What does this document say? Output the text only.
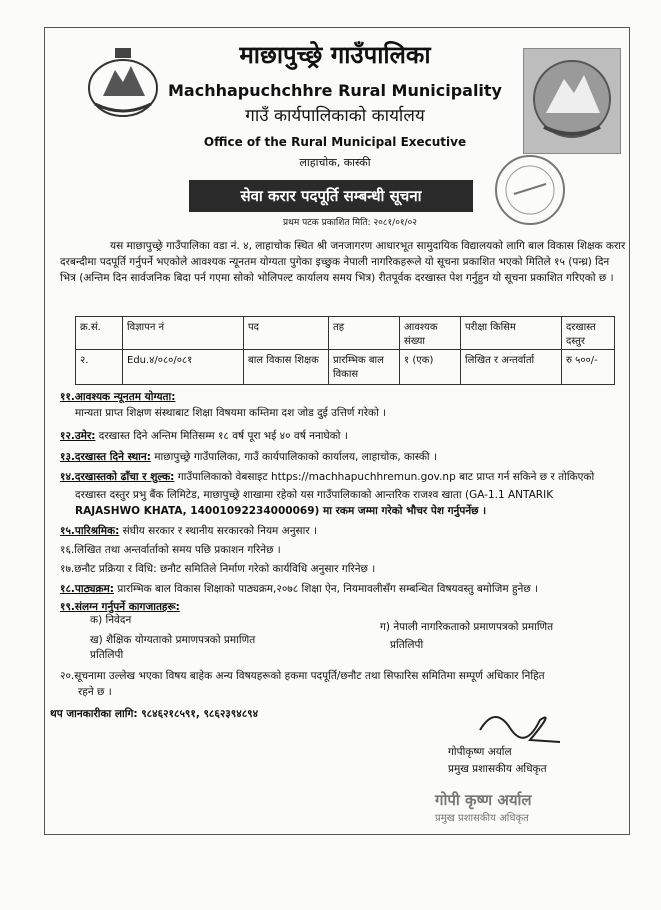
माछापुच्छ्रे गाउँपालिका
Machhapuchchhre Rural Municipality
गाउँ कार्यपालिकाको कार्यालय
Office of the Rural Municipal Executive
लाहाचोक, कास्की
सेवा करार पदपूर्ति सम्बन्धी सूचना
प्रथम पटक प्रकाशित मिति: २०८१/०१/०२
यस माछापुच्छ्रे गाउँपालिका वडा नं. ४, लाहाचोक स्थित श्री जनजागरण आधारभूत सामुदायिक विद्यालयको लागि बाल विकास शिक्षक करार दरबन्दीमा पदपूर्ति गर्नुपर्ने भएकोले आवश्यक न्यूनतम योग्यता पुगेका इच्छुक नेपाली नागरिकहरूले यो सूचना प्रकाशित भएको मितिले १५ (पन्ध्र) दिन भित्र (अन्तिम दिन सार्वजनिक बिदा पर्न गएमा सोको भोलिपल्ट कार्यालय समय भित्र) रीतपूर्वक दरखास्त पेश गर्नुहुन यो सूचना प्रकाशित गरिएको छ ।
क्र.सं.	विज्ञापन नं	पद	तह	आवश्यक संख्या	परीक्षा किसिम	दरखास्त दस्तुर
२.	Edu.४/०८०/०८१	बाल विकास शिक्षक	प्रारम्भिक बाल विकास	१ (एक)	लिखित र अन्तर्वार्ता	रु ५००/-
११.आवश्यक न्यूनतम योग्यता:
मान्यता प्राप्त शिक्षण संस्थाबाट शिक्षा विषयमा कम्तिमा दश जोड दुई उत्तिर्ण गरेको ।
१२.उमेर: दरखास्त दिने अन्तिम मितिसम्म १८ वर्ष पूरा भई ४० वर्ष ननाघेको ।
१३.दरखास्त दिने स्थान: माछापुच्छ्रे गाउँपालिका, गाउँ कार्यपालिकाको कार्यालय, लाहाचोक, कास्की ।
१४.दरखास्तको ढाँचा र शुल्क: गाउँपालिकाको वेबसाइट https://machhapuchhremun.gov.np बाट प्राप्त गर्न सकिने छ र तोकिएको
दरखास्त दस्तुर प्रभु बैंक लिमिटेड, माछापुच्छ्रे शाखामा रहेको यस गाउँपालिकाको आन्तरिक राजश्व खाता (GA-1.1 ANTARIK
RAJASHWO KHATA, 14001092234000069) मा रकम जम्मा गरेको भौचर पेश गर्नुपर्नेछ ।
१५.पारिश्रमिक: संघीय सरकार र स्थानीय सरकारको नियम अनुसार ।
१६.लिखित तथा अन्तर्वार्ताको समय पछि प्रकाशन गरिनेछ ।
१७.छनौट प्रक्रिया र विधि: छनौट समितिले निर्माण गरेको कार्यविधि अनुसार गरिनेछ ।
१८.पाठ्यक्रम: प्रारम्भिक बाल विकास शिक्षाको पाठ्यक्रम,२०७८ शिक्षा ऐन, नियमावलीसँग सम्बन्धित विषयवस्तु बमोजिम हुनेछ ।
१९.संलग्न गर्नुपर्ने कागजातहरू:
क) निवेदन
ख) शैक्षिक योग्यताको प्रमाणपत्रको प्रमाणित
प्रतिलिपी
ग) नेपाली नागरिकताको प्रमाणपत्रको प्रमाणित
प्रतिलिपी
२०.सूचनामा उल्लेख भएका विषय बाहेक अन्य विषयहरूको हकमा पदपूर्ति/छनौट तथा सिफारिस समितिमा सम्पूर्ण अधिकार निहित
रहने छ ।
थप जानकारीका लागि: ९८४६२१८५९१, ९८६२३९४८९४
गोपीकृष्ण अर्याल
प्रमुख प्रशासकीय अधिकृत
गोपी कृष्ण अर्याल
प्रमुख प्रशासकीय अधिकृत
